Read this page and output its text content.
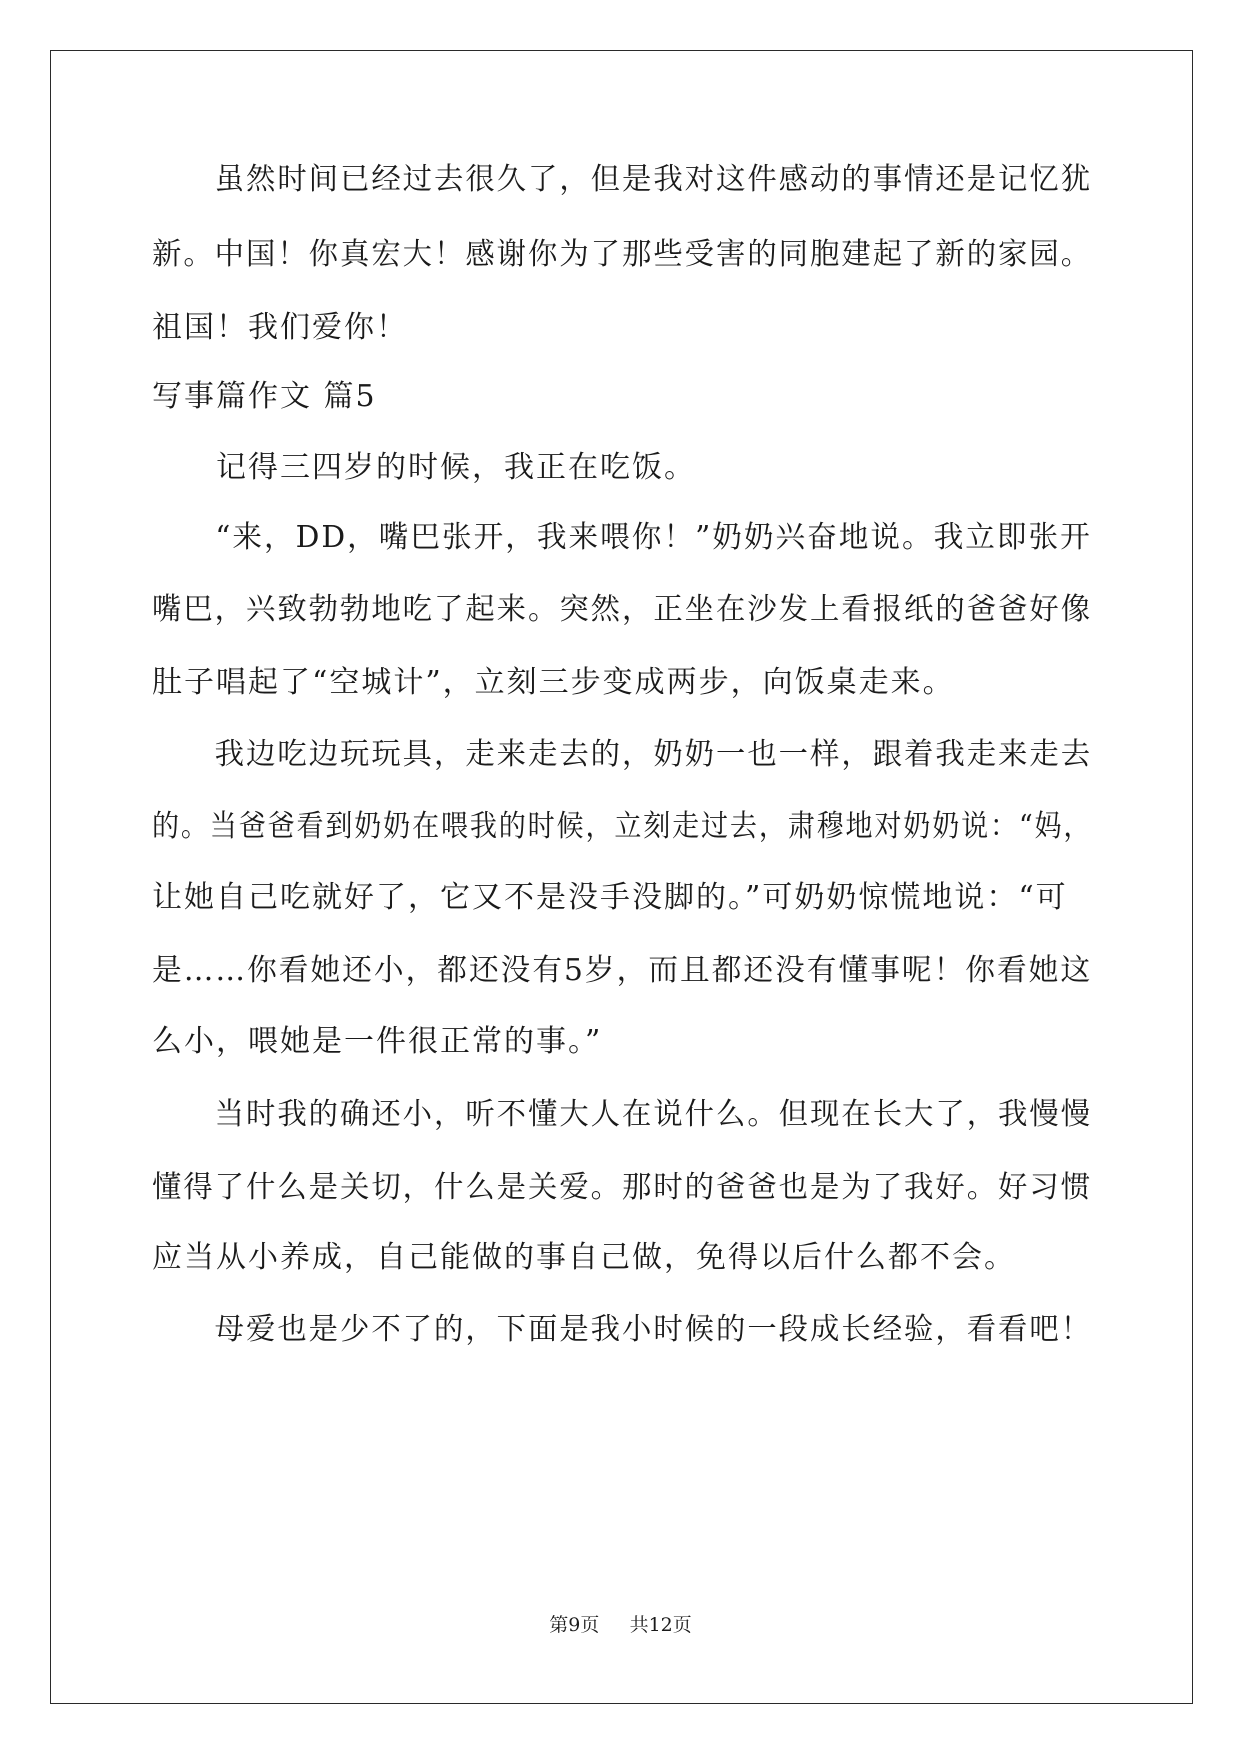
　　虽然时间已经过去很久了，但是我对这件感动的事情还是记忆犹
新。中国！你真宏大！感谢你为了那些受害的同胞建起了新的家园。
祖国！我们爱你！
写事篇作文 篇5
　　记得三四岁的时候，我正在吃饭。
　　“来，DD，嘴巴张开，我来喂你！”奶奶兴奋地说。我立即张开
嘴巴，兴致勃勃地吃了起来。突然，正坐在沙发上看报纸的爸爸好像
肚子唱起了“空城计”，立刻三步变成两步，向饭桌走来。
　　我边吃边玩玩具，走来走去的，奶奶一也一样，跟着我走来走去
的。当爸爸看到奶奶在喂我的时候，立刻走过去，肃穆地对奶奶说：“妈，
让她自己吃就好了，它又不是没手没脚的。”可奶奶惊慌地说：“可
是……你看她还小，都还没有5岁，而且都还没有懂事呢！你看她这
么小，喂她是一件很正常的事。”
　　当时我的确还小，听不懂大人在说什么。但现在长大了，我慢慢
懂得了什么是关切，什么是关爱。那时的爸爸也是为了我好。好习惯
应当从小养成，自己能做的事自己做，免得以后什么都不会。
　　母爱也是少不了的，下面是我小时候的一段成长经验，看看吧！
第9页 共12页
